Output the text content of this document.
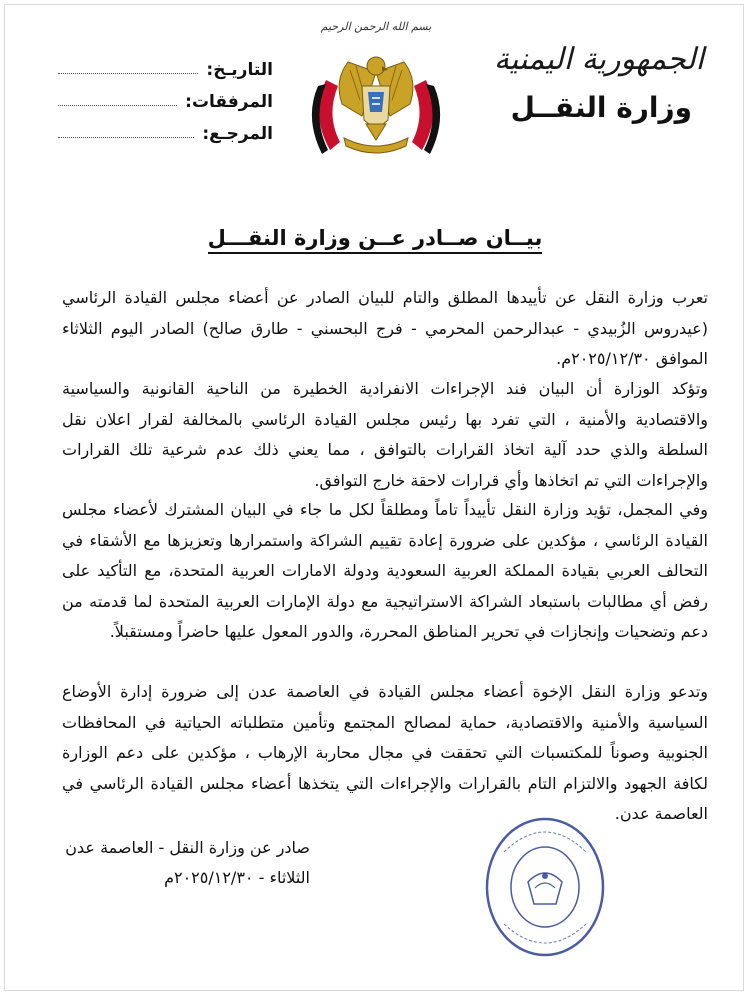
الجمهورية اليمنية
وزارة النقــل
بسم الله الرحمن الرحيم
التاريـخ:
المرفقات:
المرجـع:
بيــان صــادر عــن وزارة النقـــل
تعرب وزارة النقل عن تأييدها المطلق والتام للبيان الصادر عن أعضاء مجلس القيادة الرئاسي (عيدروس الزُبيدي - عبدالرحمن المحرمي - فرج البحسني - طارق صالح) الصادر اليوم الثلاثاء الموافق ٢٠٢٥/١٢/٣٠م.
وتؤكد الوزارة أن البيان فند الإجراءات الانفرادية الخطيرة من الناحية القانونية والسياسية والاقتصادية والأمنية ، التي تفرد بها رئيس مجلس القيادة الرئاسي بالمخالفة لقرار اعلان نقل السلطة والذي حدد آلية اتخاذ القرارات بالتوافق ، مما يعني ذلك عدم شرعية تلك القرارات والإجراءات التي تم اتخاذها وأي قرارات لاحقة خارج التوافق.
وفي المجمل، تؤيد وزارة النقل تأييداً تاماً ومطلقاً لكل ما جاء في البيان المشترك لأعضاء مجلس القيادة الرئاسي ، مؤكدين على ضرورة إعادة تقييم الشراكة واستمرارها وتعزيزها مع الأشقاء في التحالف العربي بقيادة المملكة العربية السعودية ودولة الامارات العربية المتحدة، مع التأكيد على رفض أي مطالبات باستبعاد الشراكة الاستراتيجية مع دولة الإمارات العربية المتحدة لما قدمته من دعم وتضحيات وإنجازات في تحرير المناطق المحررة، والدور المعول عليها حاضراً ومستقبلاً.
وتدعو وزارة النقل الإخوة أعضاء مجلس القيادة في العاصمة عدن إلى ضرورة إدارة الأوضاع السياسية والأمنية والاقتصادية، حماية لمصالح المجتمع وتأمين متطلباته الحياتية في المحافظات الجنوبية وصوناً للمكتسبات التي تحققت في مجال محاربة الإرهاب ، مؤكدين على دعم الوزارة لكافة الجهود والالتزام التام بالقرارات والإجراءات التي يتخذها أعضاء مجلس القيادة الرئاسي في العاصمة عدن.
صادر عن وزارة النقل - العاصمة عدن
الثلاثاء - ٢٠٢٥/١٢/٣٠م
